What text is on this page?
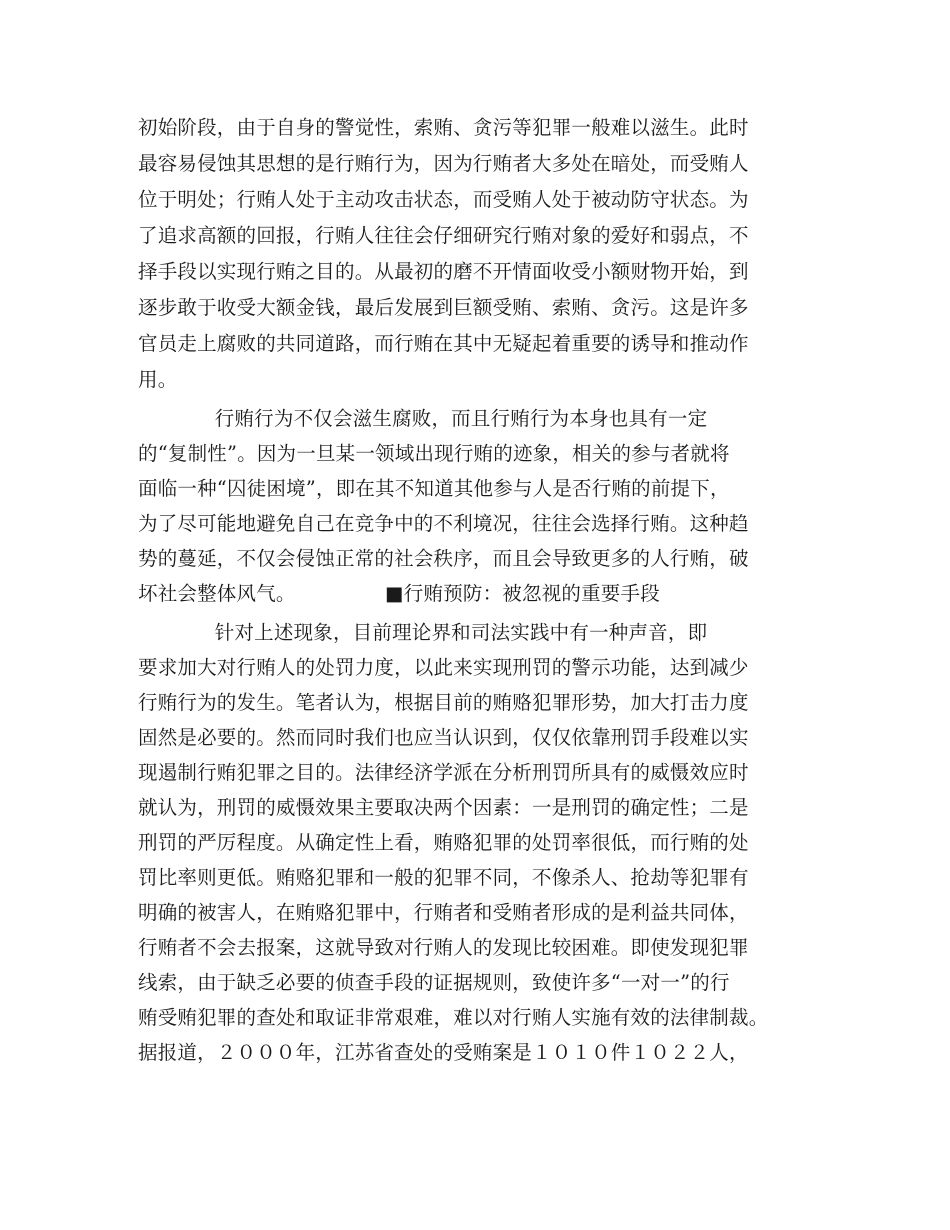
初始阶段，由于自身的警觉性，索贿、贪污等犯罪一般难以滋生。此时

最容易侵蚀其思想的是行贿行为，因为行贿者大多处在暗处，而受贿人

位于明处；行贿人处于主动攻击状态，而受贿人处于被动防守状态。为

了追求高额的回报，行贿人往往会仔细研究行贿对象的爱好和弱点，不

择手段以实现行贿之目的。从最初的磨不开情面收受小额财物开始，到

逐步敢于收受大额金钱，最后发展到巨额受贿、索贿、贪污。这是许多

官员走上腐败的共同道路，而行贿在其中无疑起着重要的诱导和推动作

用。

行贿行为不仅会滋生腐败，而且行贿行为本身也具有一定

的“复制性”。因为一旦某一领域出现行贿的迹象，相关的参与者就将

面临一种“囚徒困境”，即在其不知道其他参与人是否行贿的前提下，

为了尽可能地避免自己在竞争中的不利境况，往往会选择行贿。这种趋

势的蔓延，不仅会侵蚀正常的社会秩序，而且会导致更多的人行贿，破

坏社会整体风气。              ■行贿预防：被忽视的重要手段

针对上述现象，目前理论界和司法实践中有一种声音，即

要求加大对行贿人的处罚力度，以此来实现刑罚的警示功能，达到减少

行贿行为的发生。笔者认为，根据目前的贿赂犯罪形势，加大打击力度

固然是必要的。然而同时我们也应当认识到，仅仅依靠刑罚手段难以实

现遏制行贿犯罪之目的。法律经济学派在分析刑罚所具有的威慑效应时

就认为，刑罚的威慑效果主要取决两个因素：一是刑罚的确定性；二是

刑罚的严厉程度。从确定性上看，贿赂犯罪的处罚率很低，而行贿的处

罚比率则更低。贿赂犯罪和一般的犯罪不同，不像杀人、抢劫等犯罪有

明确的被害人，在贿赂犯罪中，行贿者和受贿者形成的是利益共同体，

行贿者不会去报案，这就导致对行贿人的发现比较困难。即使发现犯罪

线索，由于缺乏必要的侦查手段的证据规则，致使许多“一对一”的行

贿受贿犯罪的查处和取证非常艰难，难以对行贿人实施有效的法律制裁。

据报道，２０００年，江苏省查处的受贿案是１０１０件１０２２人，
